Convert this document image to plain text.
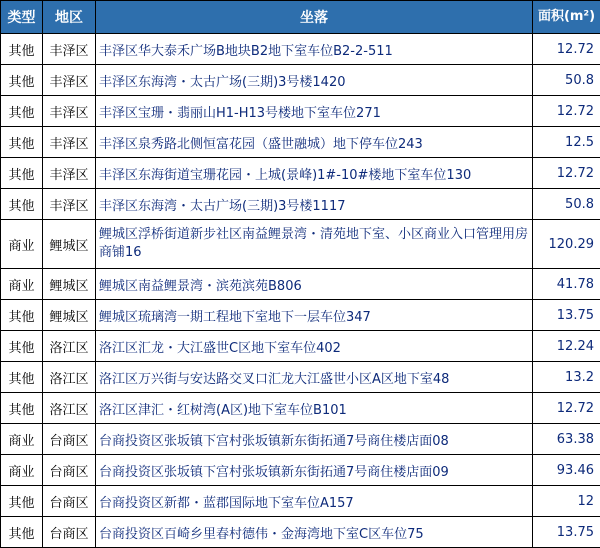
类型	地区	坐落	面积(m²)
其他	丰泽区	丰泽区华大泰禾广场B地块B2地下室车位B2-2-511	12.72
其他	丰泽区	丰泽区东海湾・太古广场(三期)3号楼1420	50.8
其他	丰泽区	丰泽区宝珊・翡丽山H1-H13号楼地下室车位271	12.72
其他	丰泽区	丰泽区泉秀路北侧恒富花园（盛世融城）地下停车位243	12.5
其他	丰泽区	丰泽区东海街道宝珊花园・上城(景峰)1#-10#楼地下室车位130	12.72
其他	丰泽区	丰泽区东海湾・太古广场(三期)3号楼1117	50.8
商业	鲤城区	鲤城区浮桥街道新步社区南益鲤景湾・清苑地下室、小区商业入口管理用房商铺16	120.29
商业	鲤城区	鲤城区南益鲤景湾・滨苑滨苑B806	41.78
其他	鲤城区	鲤城区琉璃湾一期工程地下室地下一层车位347	13.75
其他	洛江区	洛江区汇龙・大江盛世C区地下室车位402	12.24
其他	洛江区	洛江区万兴街与安达路交叉口汇龙大江盛世小区A区地下室48	13.2
其他	洛江区	洛江区津汇・红树湾(A区)地下室车位B101	12.72
商业	台商区	台商投资区张坂镇下宫村张坂镇新东街拓通7号商住楼店面08	63.38
商业	台商区	台商投资区张坂镇下宫村张坂镇新东街拓通7号商住楼店面09	93.46
其他	台商区	台商投资区新都・蓝郡国际地下室车位A157	12
其他	台商区	台商投资区百崎乡里春村德伟・金海湾地下室C区车位75	13.75
